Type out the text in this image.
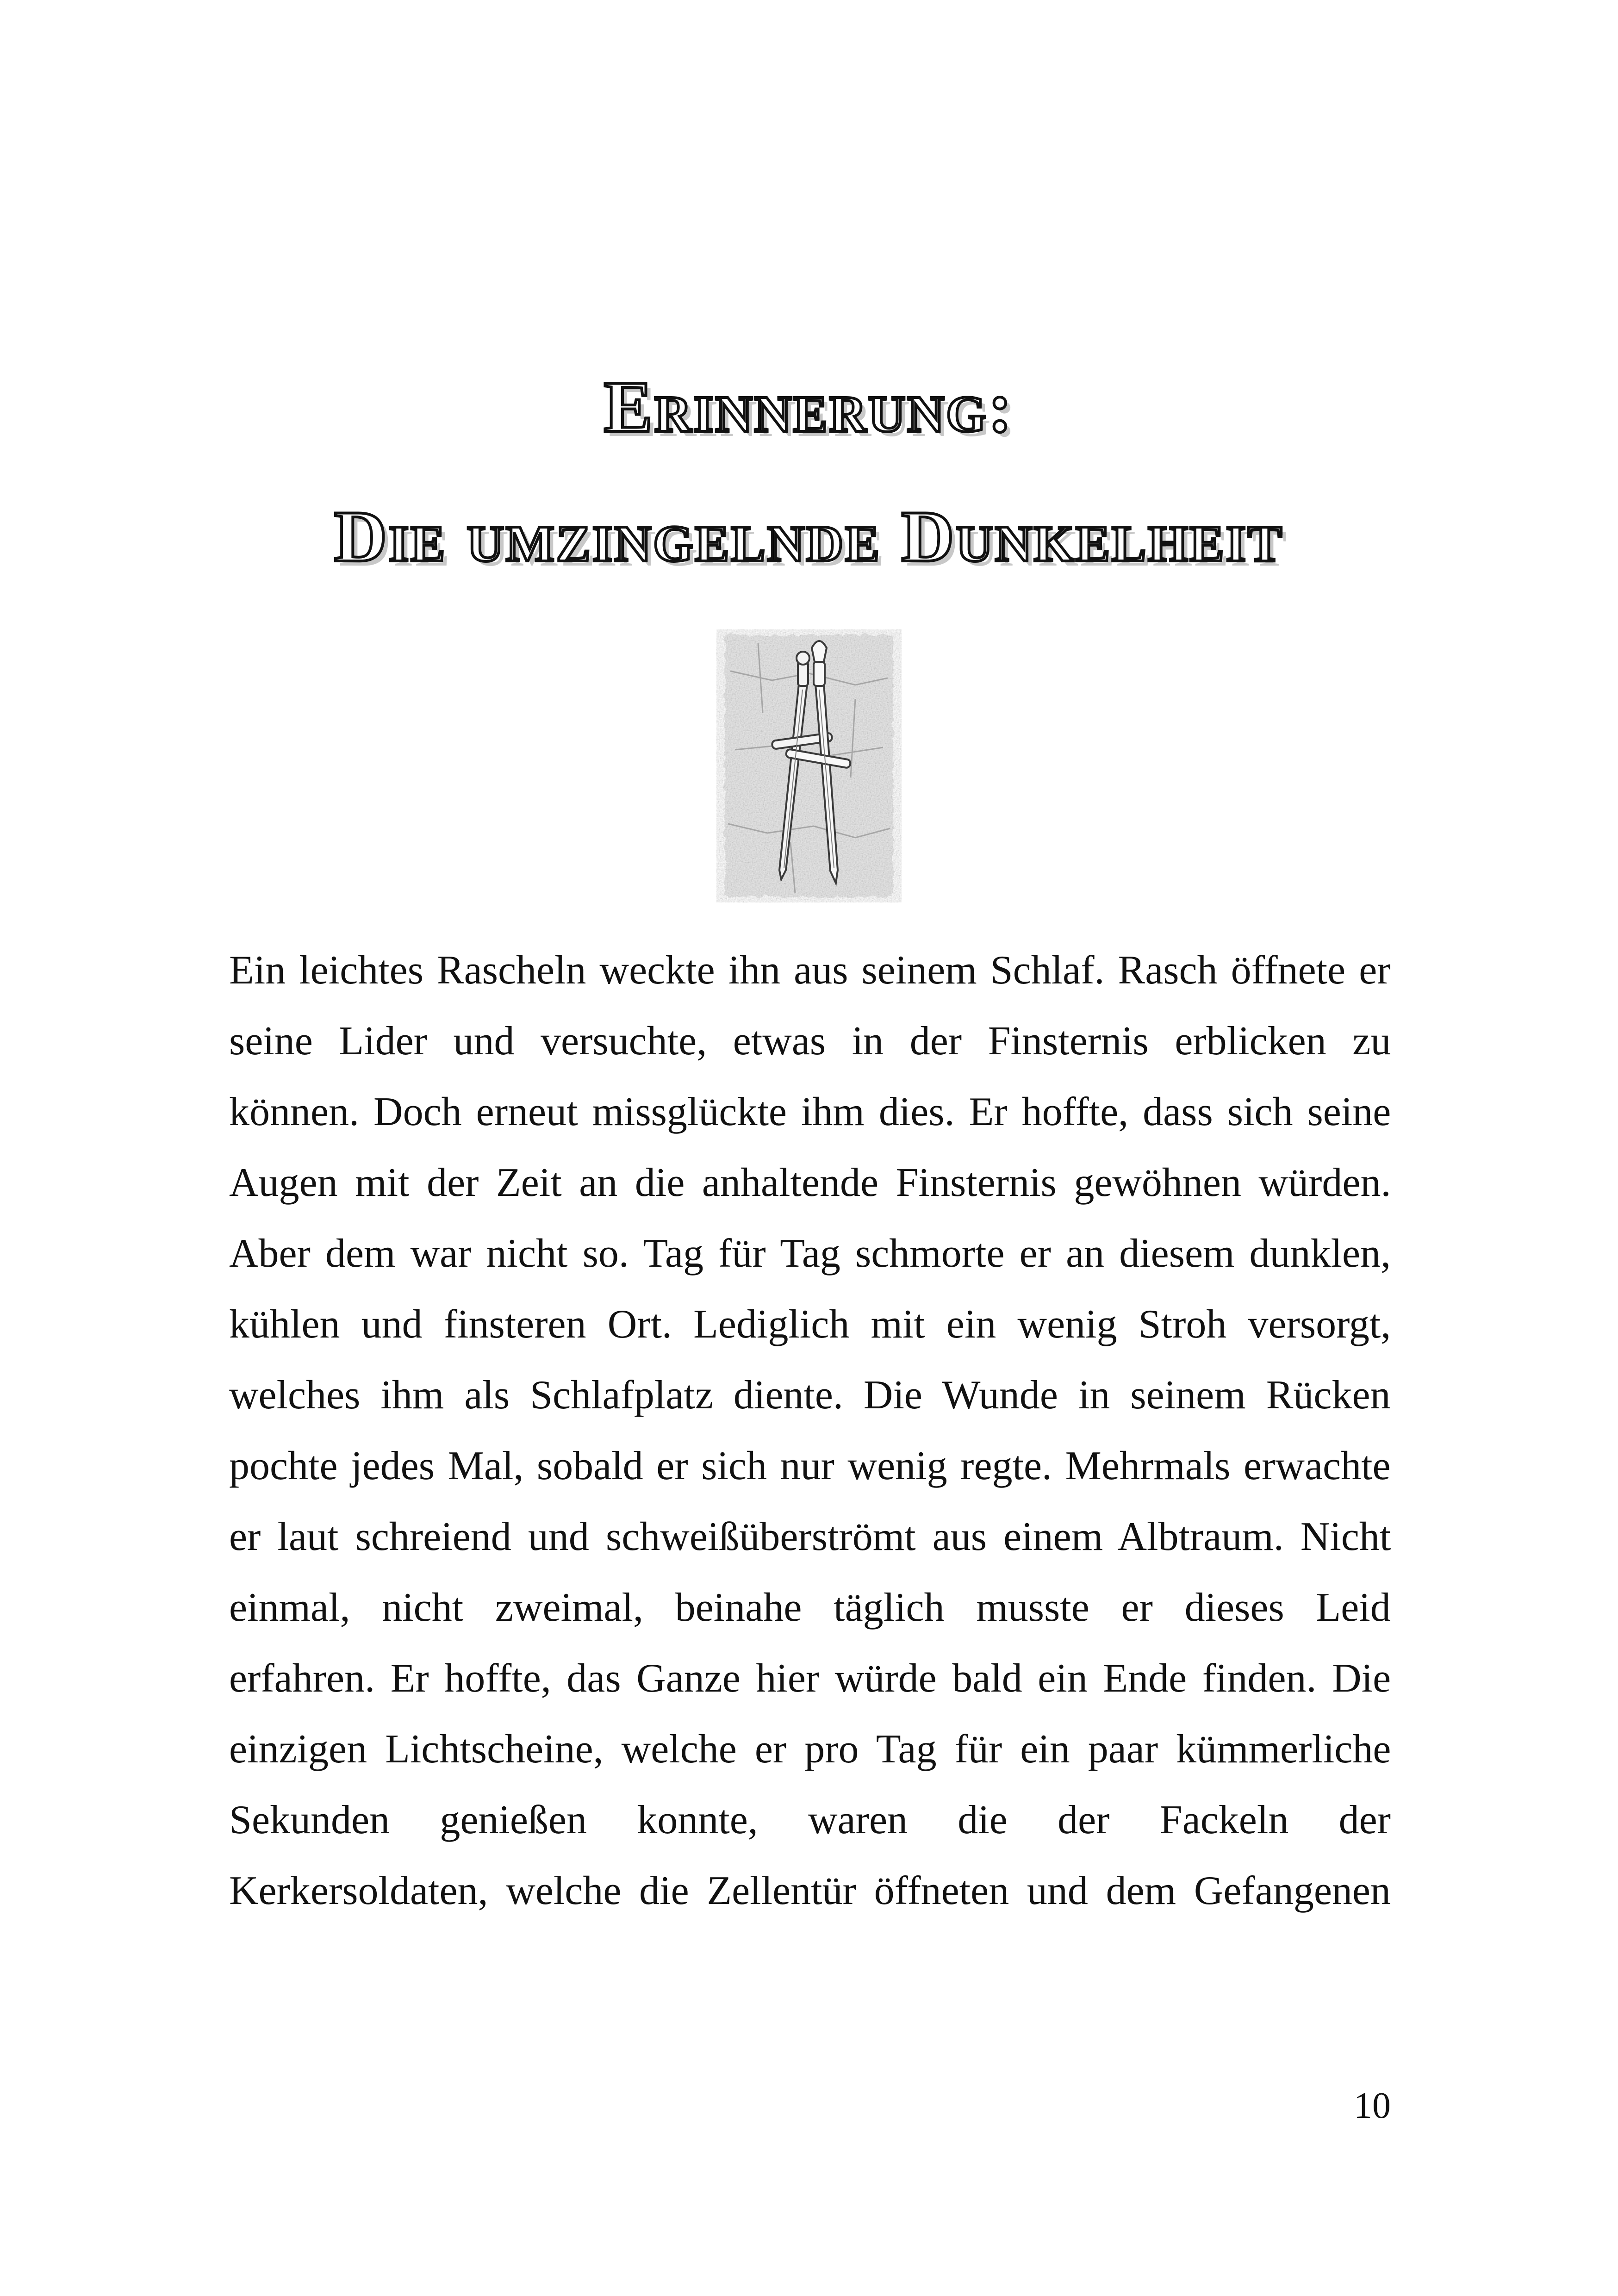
Erinnerung:
Die umzingelnde Dunkelheit
Ein leichtes Rascheln weckte ihn aus seinem Schlaf. Rasch öffnete er
seine Lider und versuchte, etwas in der Finsternis erblicken zu
können. Doch erneut missglückte ihm dies. Er hoffte, dass sich seine
Augen mit der Zeit an die anhaltende Finsternis gewöhnen würden.
Aber dem war nicht so. Tag für Tag schmorte er an diesem dunklen,
kühlen und finsteren Ort. Lediglich mit ein wenig Stroh versorgt,
welches ihm als Schlafplatz diente. Die Wunde in seinem Rücken
pochte jedes Mal, sobald er sich nur wenig regte. Mehrmals erwachte
er laut schreiend und schweißüberströmt aus einem Albtraum. Nicht
einmal, nicht zweimal, beinahe täglich musste er dieses Leid
erfahren. Er hoffte, das Ganze hier würde bald ein Ende finden. Die
einzigen Lichtscheine, welche er pro Tag für ein paar kümmerliche
Sekunden genießen konnte, waren die der Fackeln der
Kerkersoldaten, welche die Zellentür öffneten und dem Gefangenen
10
